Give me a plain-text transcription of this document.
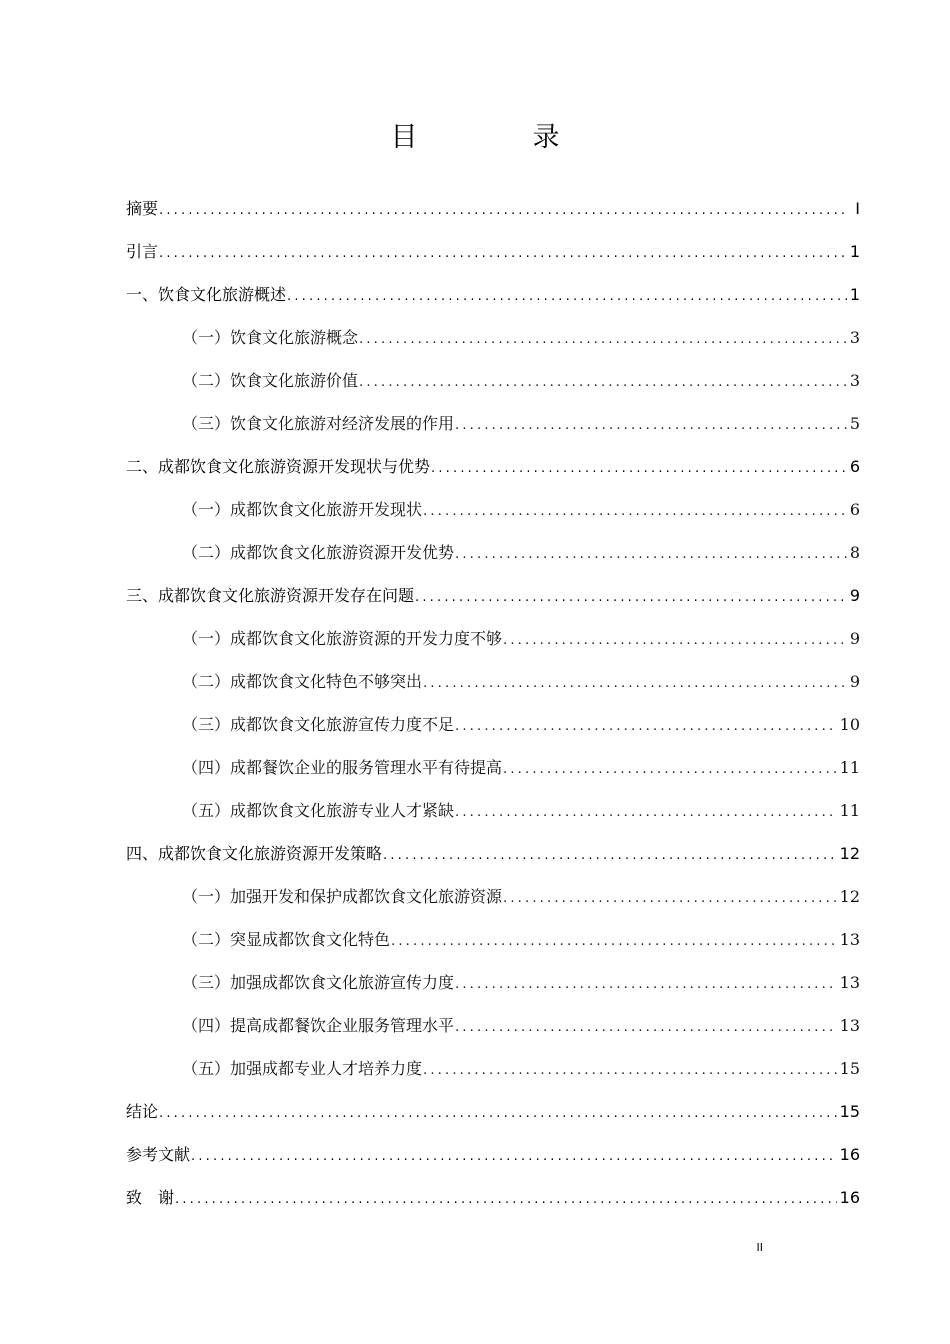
目　录
摘要 .....	I
引言 .....	1
一、饮食文化旅游概述 .....	1
（一）饮食文化旅游概念 .....	3
（二）饮食文化旅游价值 .....	3
（三）饮食文化旅游对经济发展的作用 .....	5
二、成都饮食文化旅游资源开发现状与优势 .....	6
（一）成都饮食文化旅游开发现状 .....	6
（二）成都饮食文化旅游资源开发优势 .....	8
三、成都饮食文化旅游资源开发存在问题 .....	9
（一）成都饮食文化旅游资源的开发力度不够 .....	9
（二）成都饮食文化特色不够突出 .....	9
（三）成都饮食文化旅游宣传力度不足 .....	10
（四）成都餐饮企业的服务管理水平有待提高 .....	11
（五）成都饮食文化旅游专业人才紧缺 .....	11
四、成都饮食文化旅游资源开发策略 .....	12
（一）加强开发和保护成都饮食文化旅游资源 .....	12
（二）突显成都饮食文化特色 .....	13
（三）加强成都饮食文化旅游宣传力度 .....	13
（四）提高成都餐饮企业服务管理水平 .....	13
（五）加强成都专业人才培养力度 .....	15
结论 .....	15
参考文献 .....	16
致　谢 .....	16
II
